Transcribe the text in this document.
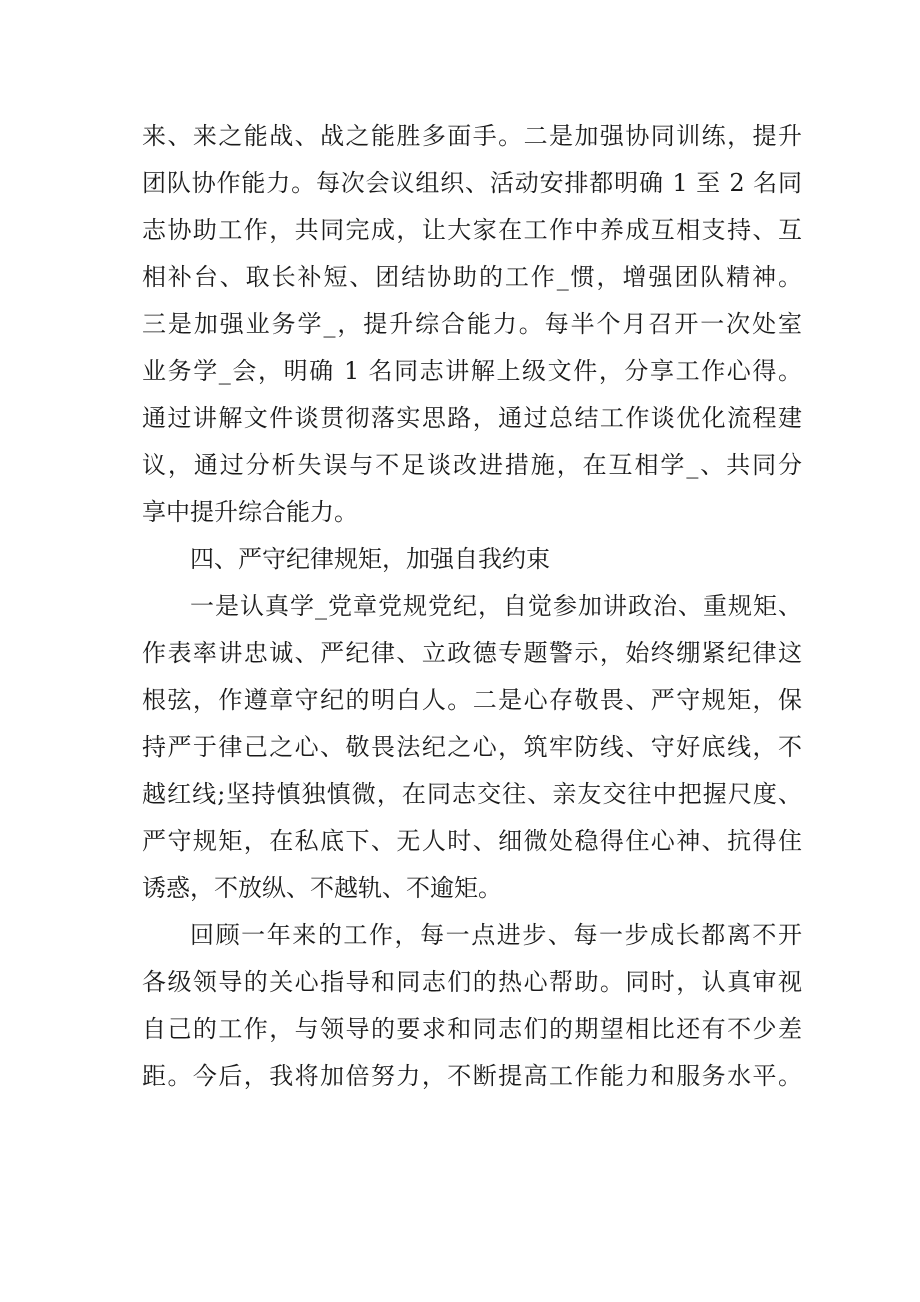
来、来之能战、战之能胜多面手。二是加强协同训练，提升
团队协作能力。每次会议组织、活动安排都明确 1 至 2 名同
志协助工作，共同完成，让大家在工作中养成互相支持、互
相补台、取长补短、团结协助的工作_惯，增强团队精神。
三是加强业务学_，提升综合能力。每半个月召开一次处室
业务学_会，明确 1 名同志讲解上级文件，分享工作心得。
通过讲解文件谈贯彻落实思路，通过总结工作谈优化流程建
议，通过分析失误与不足谈改进措施，在互相学_、共同分
享中提升综合能力。
四、严守纪律规矩，加强自我约束
一是认真学_党章党规党纪，自觉参加讲政治、重规矩、
作表率讲忠诚、严纪律、立政德专题警示，始终绷紧纪律这
根弦，作遵章守纪的明白人。二是心存敬畏、严守规矩，保
持严于律己之心、敬畏法纪之心，筑牢防线、守好底线，不
越红线;坚持慎独慎微，在同志交往、亲友交往中把握尺度、
严守规矩，在私底下、无人时、细微处稳得住心神、抗得住
诱惑，不放纵、不越轨、不逾矩。
回顾一年来的工作，每一点进步、每一步成长都离不开
各级领导的关心指导和同志们的热心帮助。同时，认真审视
自己的工作，与领导的要求和同志们的期望相比还有不少差
距。今后，我将加倍努力，不断提高工作能力和服务水平。
